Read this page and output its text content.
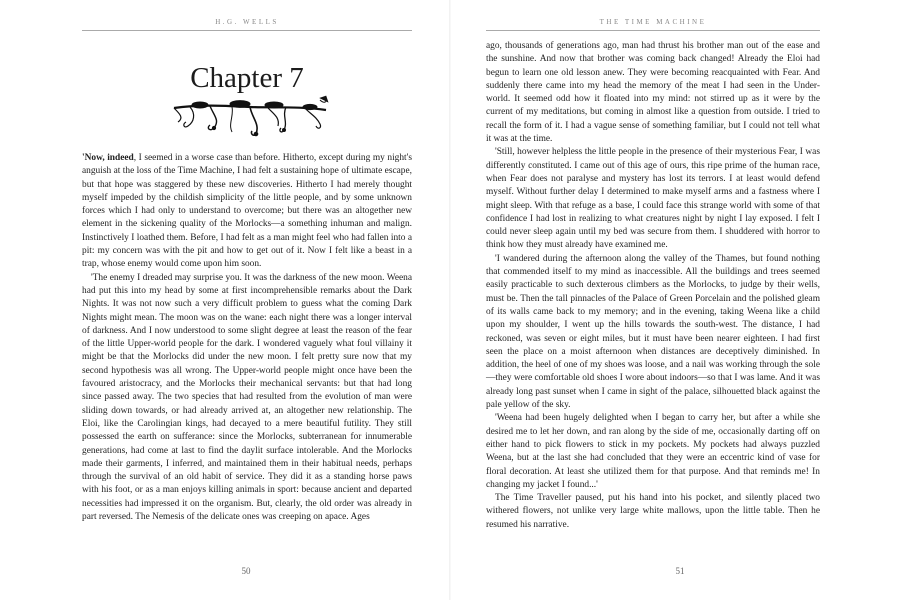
H.G. WELLS
Chapter 7

'Now, indeed, I seemed in a worse case than before. Hitherto, except during my night's anguish at the loss of the Time Machine, I had felt a sustaining hope of ultimate escape, but that hope was staggered by these new discoveries. Hitherto I had merely thought myself impeded by the childish simplicity of the little people, and by some unknown forces which I had only to understand to overcome; but there was an altogether new element in the sickening quality of the Morlocks—a something inhuman and malign. Instinctively I loathed them. Before, I had felt as a man might feel who had fallen into a pit: my concern was with the pit and how to get out of it. Now I felt like a beast in a trap, whose enemy would come upon him soon.

'The enemy I dreaded may surprise you. It was the darkness of the new moon. Weena had put this into my head by some at first incomprehensible remarks about the Dark Nights. It was not now such a very difficult problem to guess what the coming Dark Nights might mean. The moon was on the wane: each night there was a longer interval of darkness. And I now understood to some slight degree at least the reason of the fear of the little Upper-world people for the dark. I wondered vaguely what foul villainy it might be that the Morlocks did under the new moon. I felt pretty sure now that my second hypothesis was all wrong. The Upper-world people might once have been the favoured aristocracy, and the Morlocks their mechanical servants: but that had long since passed away. The two species that had resulted from the evolution of man were sliding down towards, or had already arrived at, an altogether new relationship. The Eloi, like the Carolingian kings, had decayed to a mere beautiful futility. They still possessed the earth on sufferance: since the Morlocks, subterranean for innumerable generations, had come at last to find the daylit surface intolerable. And the Morlocks made their garments, I inferred, and maintained them in their habitual needs, perhaps through the survival of an old habit of service. They did it as a standing horse paws with his foot, or as a man enjoys killing animals in sport: because ancient and departed necessities had impressed it on the organism. But, clearly, the old order was already in part reversed. The Nemesis of the delicate ones was creeping on apace. Ages

50
THE TIME MACHINE
51

ago, thousands of generations ago, man had thrust his brother man out of the ease and the sunshine. And now that brother was coming back changed! Already the Eloi had begun to learn one old lesson anew. They were becoming reacquainted with Fear. And suddenly there came into my head the memory of the meat I had seen in the Under-world. It seemed odd how it floated into my mind: not stirred up as it were by the current of my meditations, but coming in almost like a question from outside. I tried to recall the form of it. I had a vague sense of something familiar, but I could not tell what it was at the time.

'Still, however helpless the little people in the presence of their mysterious Fear, I was differently constituted. I came out of this age of ours, this ripe prime of the human race, when Fear does not paralyse and mystery has lost its terrors. I at least would defend myself. Without further delay I determined to make myself arms and a fastness where I might sleep. With that refuge as a base, I could face this strange world with some of that confidence I had lost in realizing to what creatures night by night I lay exposed. I felt I could never sleep again until my bed was secure from them. I shuddered with horror to think how they must already have examined me.

'I wandered during the afternoon along the valley of the Thames, but found nothing that commended itself to my mind as inaccessible. All the buildings and trees seemed easily practicable to such dexterous climbers as the Morlocks, to judge by their wells, must be. Then the tall pinnacles of the Palace of Green Porcelain and the polished gleam of its walls came back to my memory; and in the evening, taking Weena like a child upon my shoulder, I went up the hills towards the south-west. The distance, I had reckoned, was seven or eight miles, but it must have been nearer eighteen. I had first seen the place on a moist afternoon when distances are deceptively diminished. In addition, the heel of one of my shoes was loose, and a nail was working through the sole—they were comfortable old shoes I wore about indoors—so that I was lame. And it was already long past sunset when I came in sight of the palace, silhouetted black against the pale yellow of the sky.

'Weena had been hugely delighted when I began to carry her, but after a while she desired me to let her down, and ran along by the side of me, occasionally darting off on either hand to pick flowers to stick in my pockets. My pockets had always puzzled Weena, but at the last she had concluded that they were an eccentric kind of vase for floral decoration. At least she utilized them for that purpose. And that reminds me! In changing my jacket I found...'

The Time Traveller paused, put his hand into his pocket, and silently placed two withered flowers, not unlike very large white mallows, upon the little table. Then he resumed his narrative.
